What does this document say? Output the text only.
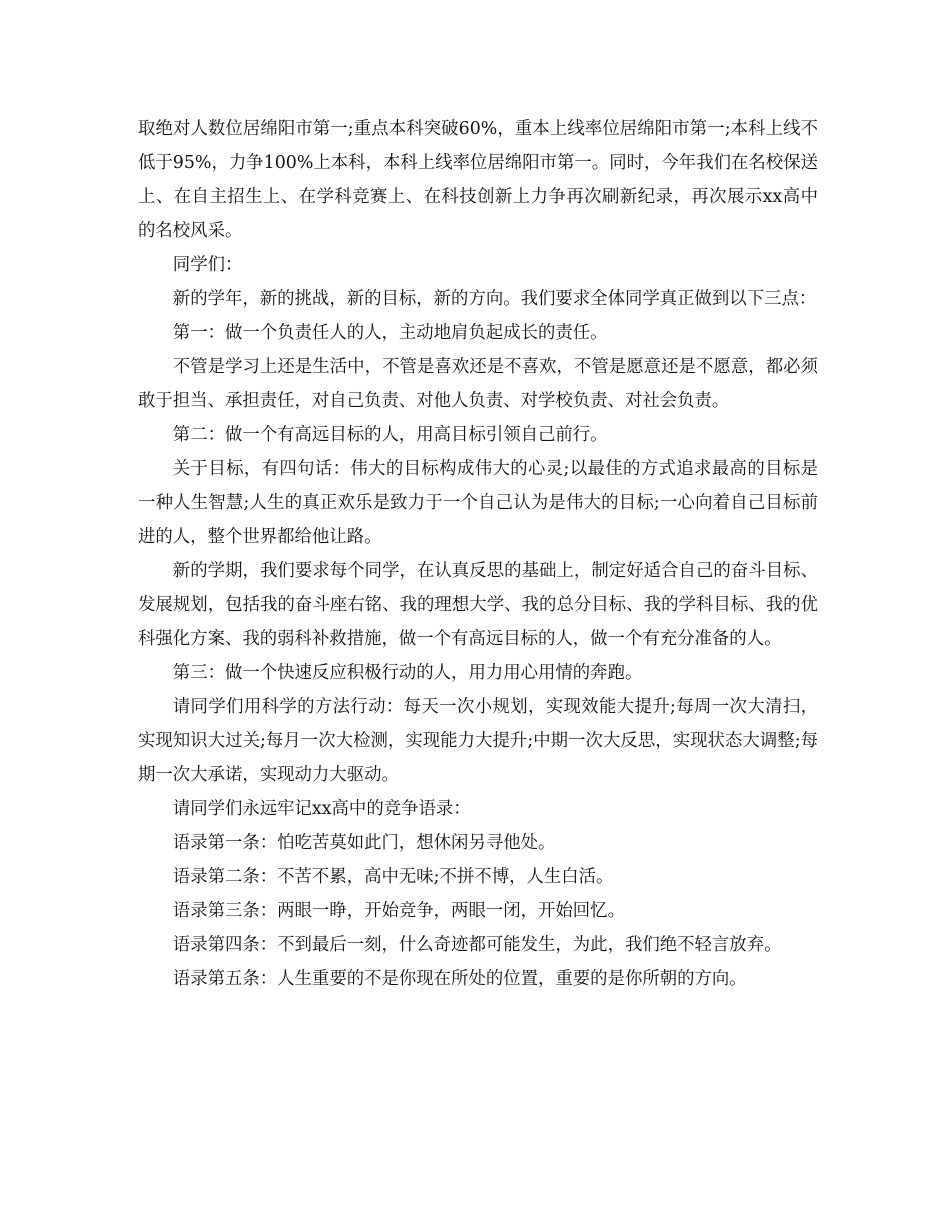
取绝对人数位居绵阳市第一;重点本科突破60%，重本上线率位居绵阳市第一;本科上线不低于95%，力争100%上本科，本科上线率位居绵阳市第一。同时，今年我们在名校保送上、在自主招生上、在学科竞赛上、在科技创新上力争再次刷新纪录，再次展示xx高中的名校风采。

同学们：

新的学年，新的挑战，新的目标，新的方向。我们要求全体同学真正做到以下三点：

第一：做一个负责任人的人，主动地肩负起成长的责任。

不管是学习上还是生活中，不管是喜欢还是不喜欢，不管是愿意还是不愿意，都必须敢于担当、承担责任，对自己负责、对他人负责、对学校负责、对社会负责。

第二：做一个有高远目标的人，用高目标引领自己前行。

关于目标，有四句话：伟大的目标构成伟大的心灵;以最佳的方式追求最高的目标是一种人生智慧;人生的真正欢乐是致力于一个自己认为是伟大的目标;一心向着自己目标前进的人，整个世界都给他让路。

新的学期，我们要求每个同学，在认真反思的基础上，制定好适合自己的奋斗目标、发展规划，包括我的奋斗座右铭、我的理想大学、我的总分目标、我的学科目标、我的优科强化方案、我的弱科补救措施，做一个有高远目标的人，做一个有充分准备的人。

第三：做一个快速反应积极行动的人，用力用心用情的奔跑。

请同学们用科学的方法行动：每天一次小规划，实现效能大提升;每周一次大清扫，实现知识大过关;每月一次大检测，实现能力大提升;中期一次大反思，实现状态大调整;每期一次大承诺，实现动力大驱动。

请同学们永远牢记xx高中的竞争语录：

语录第一条：怕吃苦莫如此门，想休闲另寻他处。

语录第二条：不苦不累，高中无味;不拼不博，人生白活。

语录第三条：两眼一睁，开始竞争，两眼一闭，开始回忆。

语录第四条：不到最后一刻，什么奇迹都可能发生，为此，我们绝不轻言放弃。

语录第五条：人生重要的不是你现在所处的位置，重要的是你所朝的方向。
